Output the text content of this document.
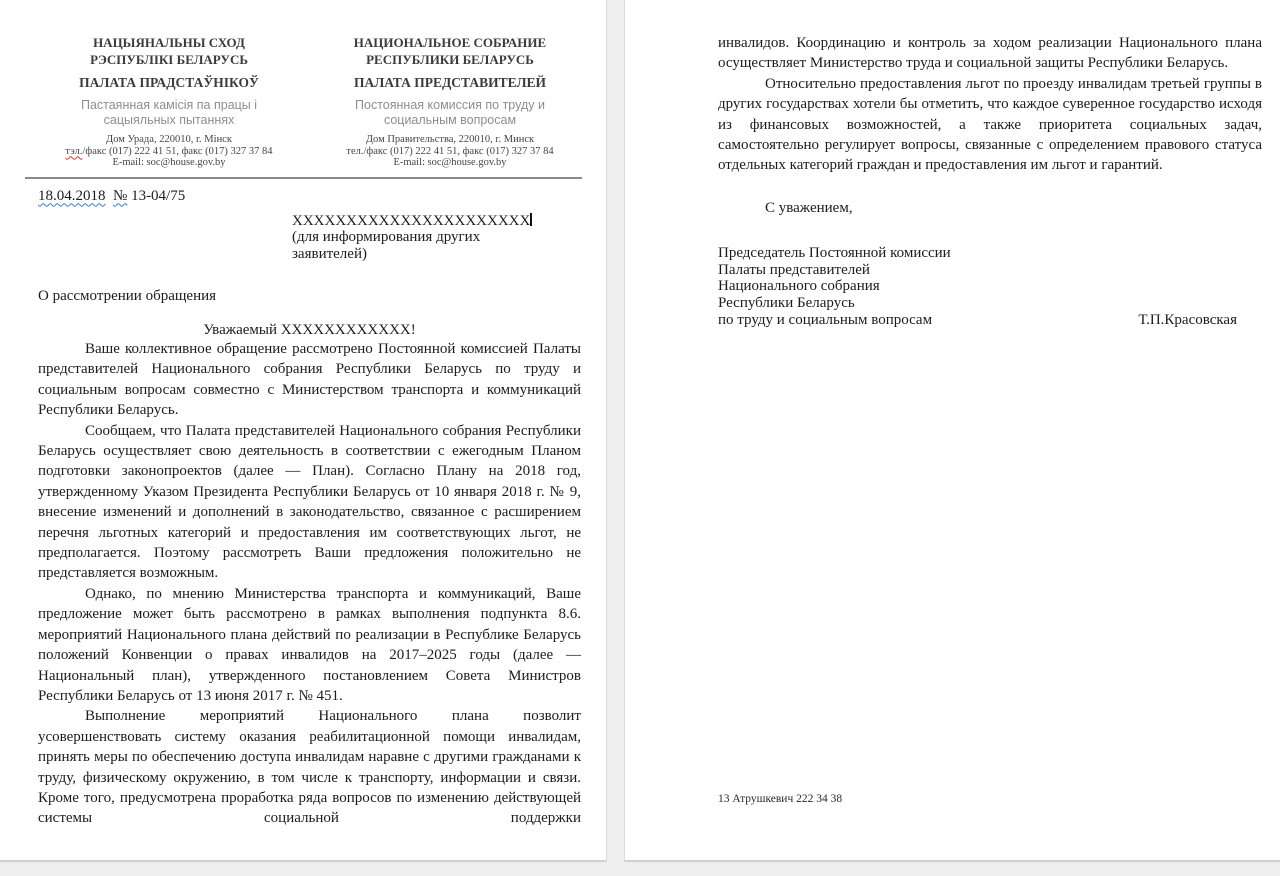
НАЦЫЯНАЛЬНЫ СХОД
РЭСПУБЛІКІ БЕЛАРУСЬ
ПАЛАТА ПРАДСТАЎНІКОЎ
Пастаянная камісія па працы і сацыяльных пытаннях
Дом Урада, 220010, г. Мінск
тэл./факс (017) 222 41 51, факс (017) 327 37 84
E-mail: soc@house.gov.by
НАЦИОНАЛЬНОЕ СОБРАНИЕ
РЕСПУБЛИКИ БЕЛАРУСЬ
ПАЛАТА ПРЕДСТАВИТЕЛЕЙ
Постоянная комиссия по труду и социальным вопросам
Дом Правительства, 220010, г. Минск
тел./факс (017) 222 41 51, факс (017) 327 37 84
E-mail: soc@house.gov.by
18.04.2018 № 13-04/75
XXXXXXXXXXXXXXXXXXXXXX
(для информирования других заявителей)
О рассмотрении обращения
Уважаемый XXXXXXXXXXXX!

Ваше коллективное обращение рассмотрено Постоянной комиссией Палаты представителей Национального собрания Республики Беларусь по труду и социальным вопросам совместно с Министерством транспорта и коммуникаций Республики Беларусь.

Сообщаем, что Палата представителей Национального собрания Республики Беларусь осуществляет свою деятельность в соответствии с ежегодным Планом подготовки законопроектов (далее — План). Согласно Плану на 2018 год, утвержденному Указом Президента Республики Беларусь от 10 января 2018 г. № 9, внесение изменений и дополнений в законодательство, связанное с расширением перечня льготных категорий и предоставления им соответствующих льгот, не предполагается. Поэтому рассмотреть Ваши предложения положительно не представляется возможным.

Однако, по мнению Министерства транспорта и коммуникаций, Ваше предложение может быть рассмотрено в рамках выполнения подпункта 8.6. мероприятий Национального плана действий по реализации в Республике Беларусь положений Конвенции о правах инвалидов на 2017–2025 годы (далее — Национальный план), утвержденного постановлением Совета Министров Республики Беларусь от 13 июня 2017 г. № 451.

Выполнение мероприятий Национального плана позволит усовершенствовать систему оказания реабилитационной помощи инвалидам, принять меры по обеспечению доступа инвалидам наравне с другими гражданами к труду, физическому окружению, в том числе к транспорту, информации и связи. Кроме того, предусмотрена проработка ряда вопросов по изменению действующей системы социальной поддержки

инвалидов. Координацию и контроль за ходом реализации Национального плана осуществляет Министерство труда и социальной защиты Республики Беларусь.

Относительно предоставления льгот по проезду инвалидам третьей группы в других государствах хотели бы отметить, что каждое суверенное государство исходя из финансовых возможностей, а также приоритета социальных задач, самостоятельно регулирует вопросы, связанные с определением правового статуса отдельных категорий граждан и предоставления им льгот и гарантий.

С уважением,
Председатель Постоянной комиссии
Палаты представителей
Национального собрания
Республики Беларусь
по труду и социальным вопросам	Т.П.Красовская
13 Атрушкевич 222 34 38
